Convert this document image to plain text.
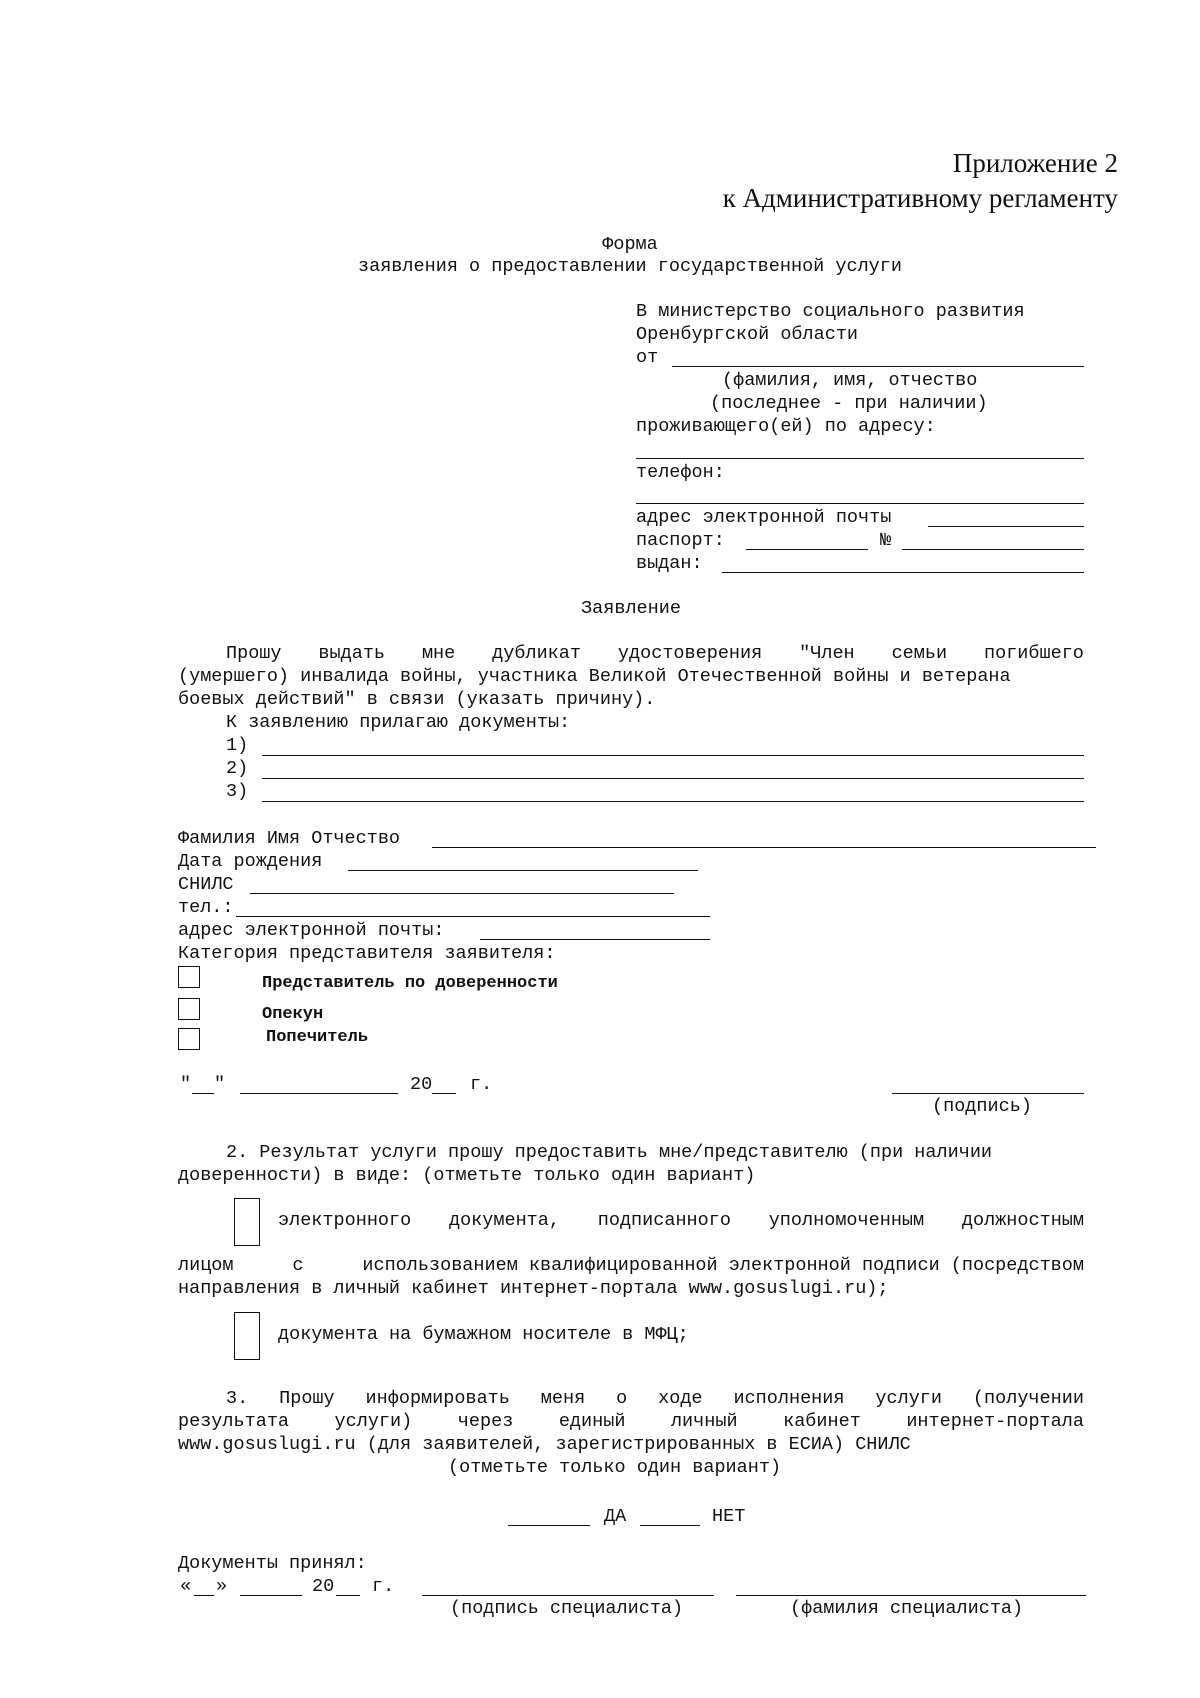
Приложение 2
к Административному регламенту
Форма
заявления о предоставлении государственной услуги
В министерство социального развития
Оренбургской области
от
(фамилия, имя, отчество
(последнее - при наличии)
проживающего(ей) по адресу:
телефон:
адрес электронной почты
паспорт:	№
выдан:
Заявление
Прошу выдать мне дубликат удостоверения "Член семьи погибшего
(умершего) инвалида войны, участника Великой Отечественной войны и ветерана
боевых действий" в связи (указать причину).
К заявлению прилагаю документы:
1)
2)
3)
Фамилия Имя Отчество
Дата рождения
СНИЛС
тел.:
адрес электронной почты:
Категория представителя заявителя:
Представитель по доверенности
Опекун
Попечитель
" "	20 г.
(подпись)
2. Результат услуги прошу предоставить мне/представителю (при наличии
доверенности) в виде: (отметьте только один вариант)
электронного документа, подписанного уполномоченным должностным
лицом	с	использованием квалифицированной электронной подписи (посредством
направления в личный кабинет интернет-портала www.gosuslugi.ru);
документа на бумажном носителе в МФЦ;
3. Прошу информировать меня о ходе исполнения услуги (получении
результата услуги) через единый личный кабинет интернет-портала
www.gosuslugi.ru (для заявителей, зарегистрированных в ЕСИА) СНИЛС
(отметьте только один вариант)
ДА	НЕТ
Документы принял:
« »	20 г.
(подпись специалиста)	(фамилия специалиста)
